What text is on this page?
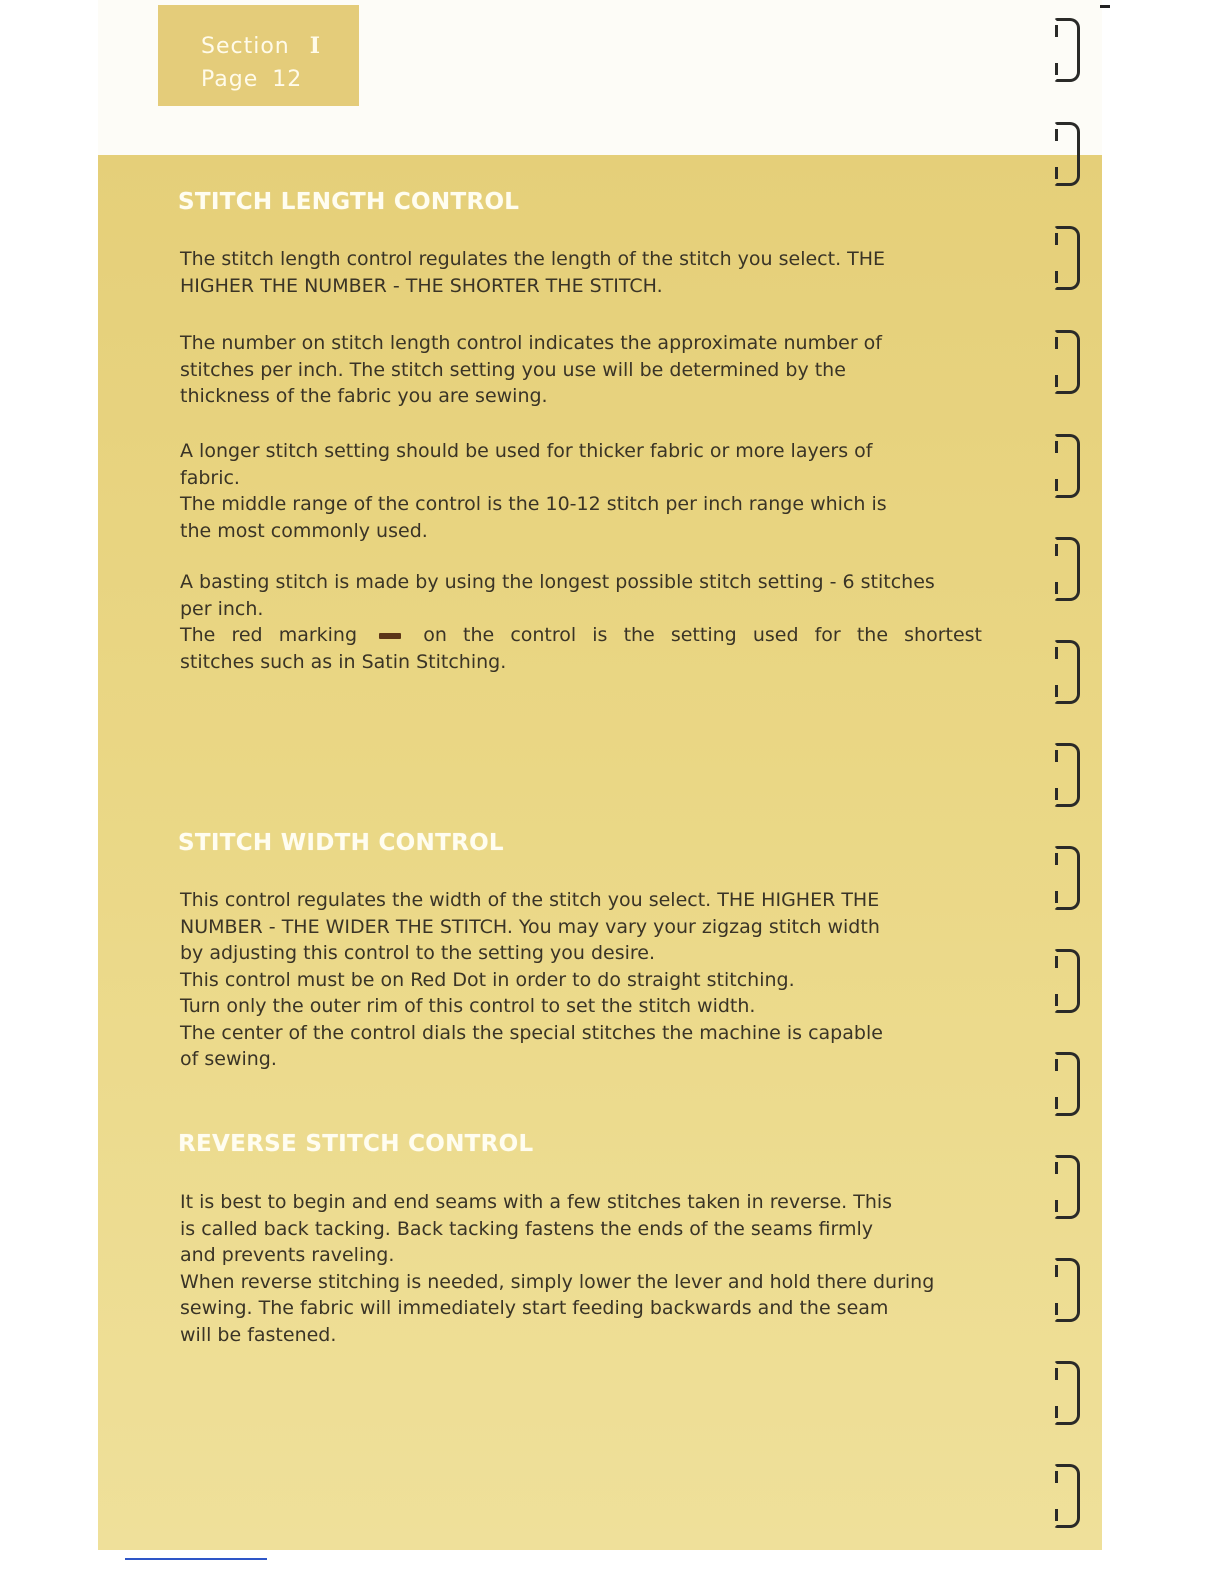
Section I
Page 12
STITCH LENGTH CONTROL

The stitch length control regulates the length of the stitch you select. THE
HIGHER THE NUMBER - THE SHORTER THE STITCH.

The number on stitch length control indicates the approximate number of
stitches per inch. The stitch setting you use will be determined by the
thickness of the fabric you are sewing.

A longer stitch setting should be used for thicker fabric or more layers of
fabric.
The middle range of the control is the 10-12 stitch per inch range which is
the most commonly used.

A basting stitch is made by using the longest possible stitch setting - 6 stitches
per inch.
The red marking	on the control is the setting used for the shortest
stitches such as in Satin Stitching.

STITCH WIDTH CONTROL

This control regulates the width of the stitch you select. THE HIGHER THE
NUMBER - THE WIDER THE STITCH. You may vary your zigzag stitch width
by adjusting this control to the setting you desire.
This control must be on Red Dot in order to do straight stitching.
Turn only the outer rim of this control to set the stitch width.
The center of the control dials the special stitches the machine is capable
of sewing.

REVERSE STITCH CONTROL

It is best to begin and end seams with a few stitches taken in reverse. This
is called back tacking. Back tacking fastens the ends of the seams firmly
and prevents raveling.
When reverse stitching is needed, simply lower the lever and hold there during
sewing. The fabric will immediately start feeding backwards and the seam
will be fastened.
